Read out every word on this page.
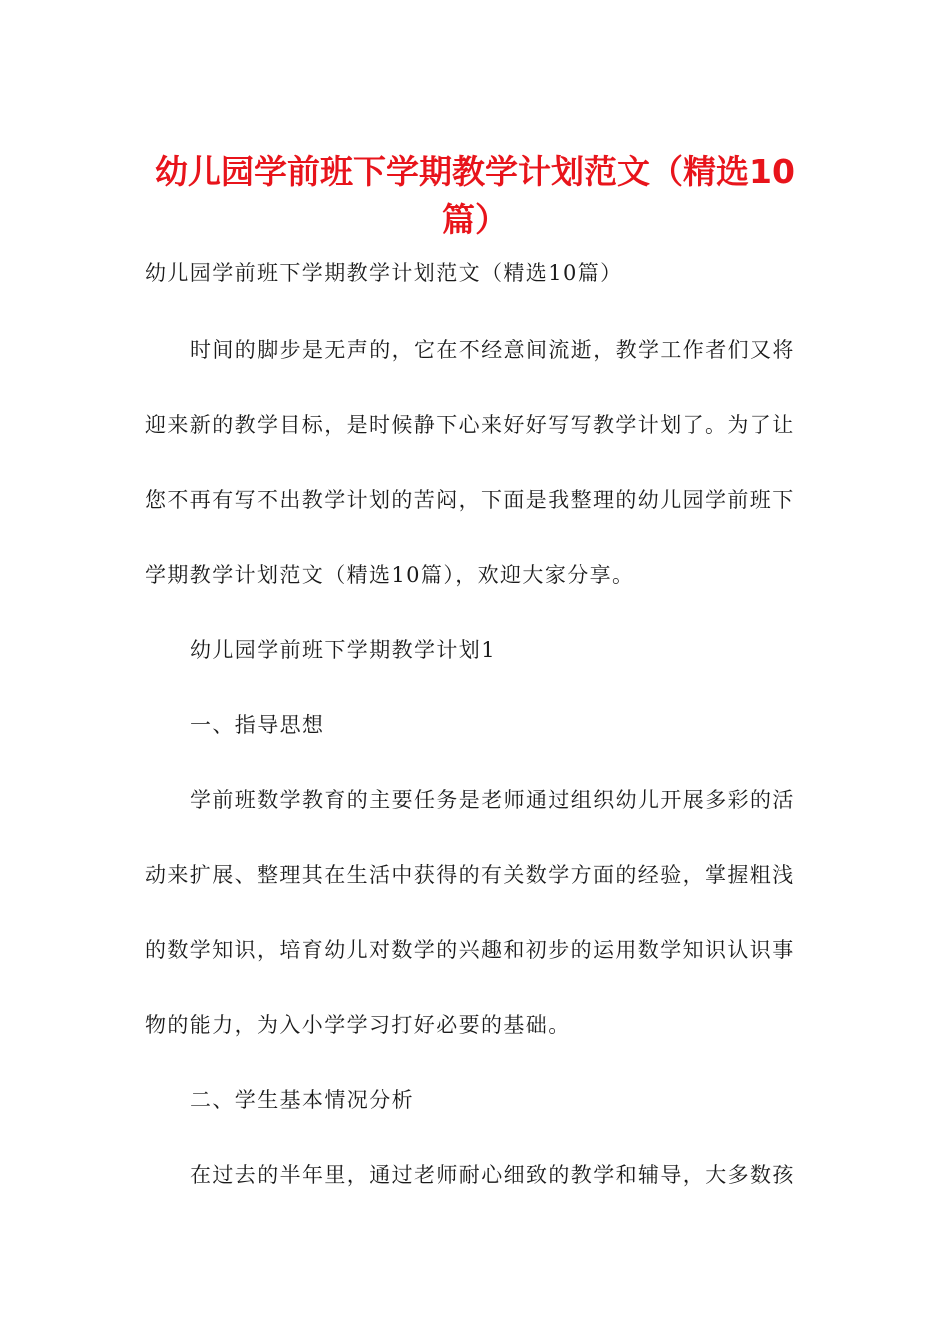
幼儿园学前班下学期教学计划范文（精选10篇）

幼儿园学前班下学期教学计划范文（精选10篇）

时间的脚步是无声的，它在不经意间流逝，教学工作者们又将

迎来新的教学目标，是时候静下心来好好写写教学计划了。为了让

您不再有写不出教学计划的苦闷，下面是我整理的幼儿园学前班下

学期教学计划范文（精选10篇），欢迎大家分享。

幼儿园学前班下学期教学计划1

一、指导思想

学前班数学教育的主要任务是老师通过组织幼儿开展多彩的活

动来扩展、整理其在生活中获得的有关数学方面的经验，掌握粗浅

的数学知识，培育幼儿对数学的兴趣和初步的运用数学知识认识事

物的能力，为入小学学习打好必要的基础。

二、学生基本情况分析

在过去的半年里，通过老师耐心细致的教学和辅导，大多数孩
